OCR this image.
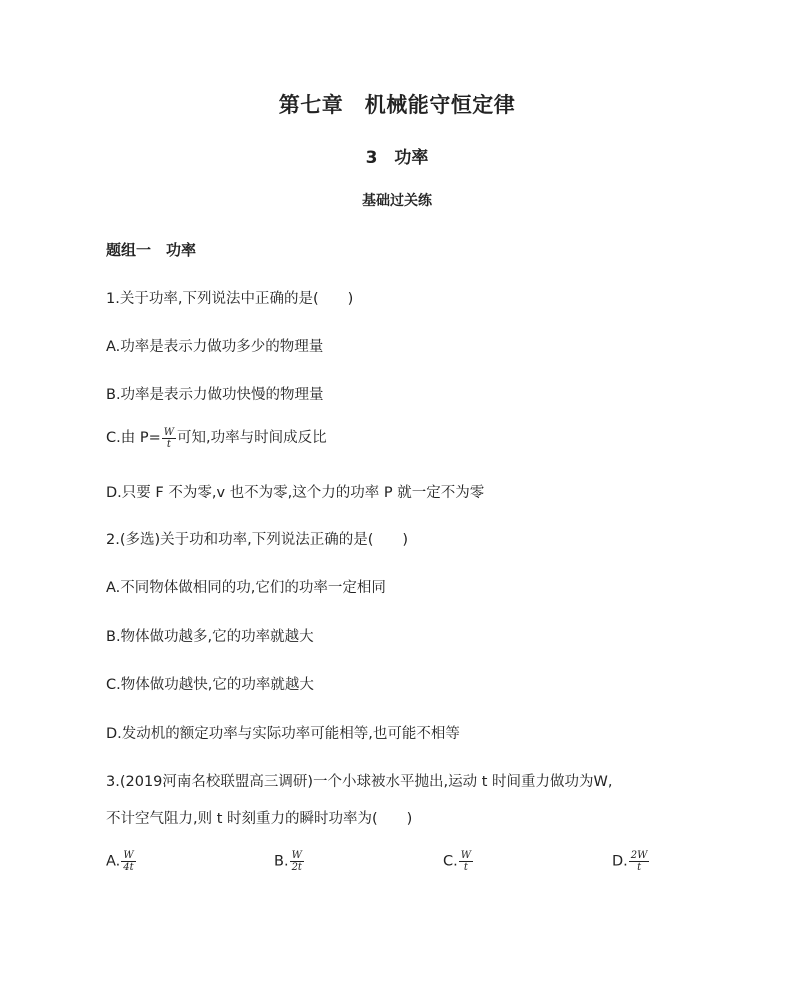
第七章　机械能守恒定律
3　功率
基础过关练
题组一　功率
1.关于功率,下列说法中正确的是(　　)
A.功率是表示力做功多少的物理量
B.功率是表示力做功快慢的物理量
C.由 $P= \frac{W}{t}$ 可知,功率与时间成反比
D.只要 F 不为零,v 也不为零,这个力的功率 P 就一定不为零
2.(多选)关于功和功率,下列说法正确的是(　　)
A.不同物体做相同的功,它们的功率一定相同
B.物体做功越多,它的功率就越大
C.物体做功越快,它的功率就越大
D.发动机的额定功率与实际功率可能相等,也可能不相等
3.(2019河南名校联盟高三调研)一个小球被水平抛出,运动 t 时间重力做功为W,
不计空气阻力,则 t 时刻重力的瞬时功率为(　　)
A. $\frac{W}{4t}$	B. $\frac{W}{2t}$	C. $\frac{W}{t}$	D. $\frac{2W}{t}$
